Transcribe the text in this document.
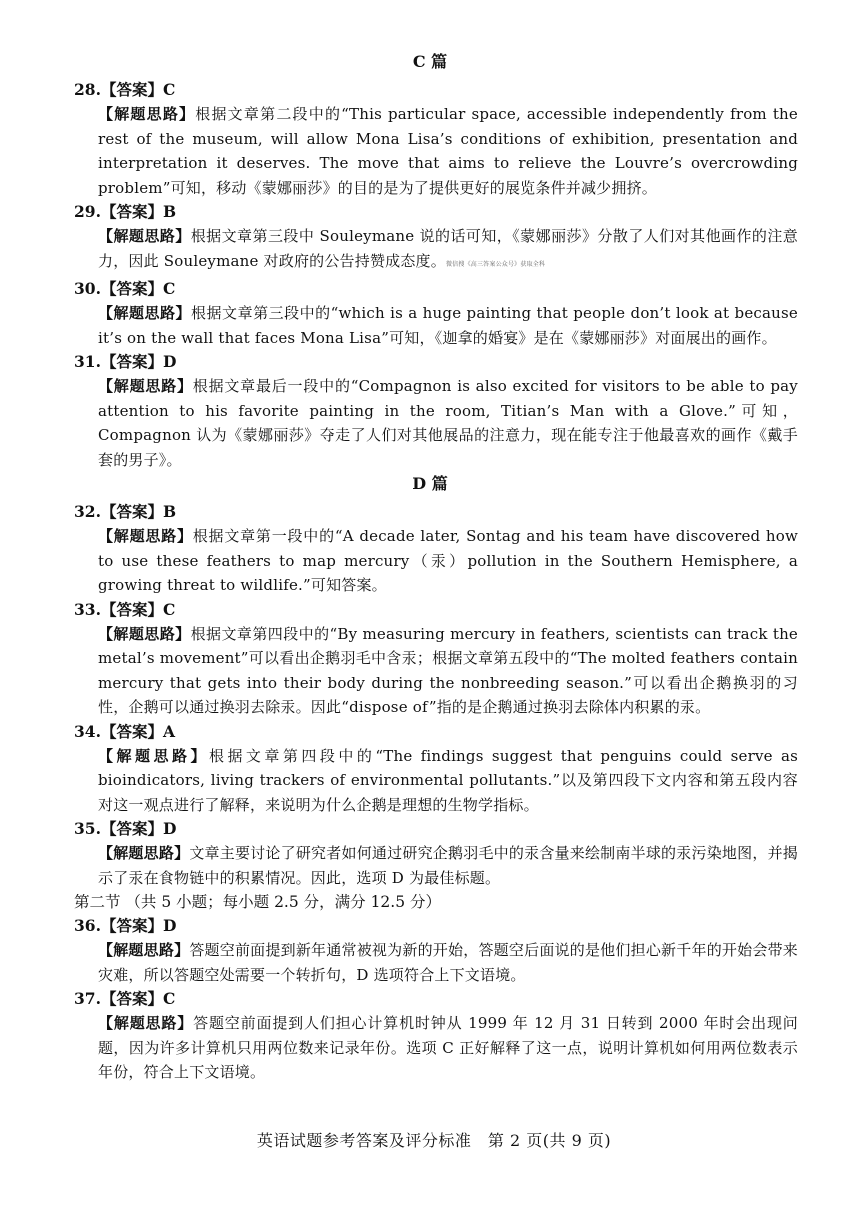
C 篇
28.【答案】C
【解题思路】根据文章第二段中的“This particular space, accessible independently from the rest of the museum, will allow Mona Lisa’s conditions of exhibition, presentation and interpretation it deserves. The move that aims to relieve the Louvre’s overcrowding problem”可知，移动《蒙娜丽莎》的目的是为了提供更好的展览条件并减少拥挤。
29.【答案】B
【解题思路】根据文章第三段中 Souleymane 说的话可知，《蒙娜丽莎》分散了人们对其他画作的注意力，因此 Souleymane 对政府的公告持赞成态度。微信搜《高三答案公众号》获取全科
30.【答案】C
【解题思路】根据文章第三段中的“which is a huge painting that people don’t look at because it’s on the wall that faces Mona Lisa”可知，《迦拿的婚宴》是在《蒙娜丽莎》对面展出的画作。
31.【答案】D
【解题思路】根据文章最后一段中的“Compagnon is also excited for visitors to be able to pay attention to his favorite painting in the room, Titian’s Man with a Glove.”可知，Compagnon 认为《蒙娜丽莎》夺走了人们对其他展品的注意力，现在能专注于他最喜欢的画作《戴手套的男子》。
D 篇
32.【答案】B
【解题思路】根据文章第一段中的“A decade later, Sontag and his team have discovered how to use these feathers to map mercury（汞）pollution in the Southern Hemisphere, a growing threat to wildlife.”可知答案。
33.【答案】C
【解题思路】根据文章第四段中的“By measuring mercury in feathers, scientists can track the metal’s movement”可以看出企鹅羽毛中含汞；根据文章第五段中的“The molted feathers contain mercury that gets into their body during the nonbreeding season.”可以看出企鹅换羽的习性，企鹅可以通过换羽去除汞。因此“dispose of”指的是企鹅通过换羽去除体内积累的汞。
34.【答案】A
【解题思路】根据文章第四段中的“The findings suggest that penguins could serve as bioindicators, living trackers of environmental pollutants.”以及第四段下文内容和第五段内容对这一观点进行了解释，来说明为什么企鹅是理想的生物学指标。
35.【答案】D
【解题思路】文章主要讨论了研究者如何通过研究企鹅羽毛中的汞含量来绘制南半球的汞污染地图，并揭示了汞在食物链中的积累情况。因此，选项 D 为最佳标题。
第二节 （共 5 小题；每小题 2.5 分，满分 12.5 分）
36.【答案】D
【解题思路】答题空前面提到新年通常被视为新的开始，答题空后面说的是他们担心新千年的开始会带来灾难，所以答题空处需要一个转折句，D 选项符合上下文语境。
37.【答案】C
【解题思路】答题空前面提到人们担心计算机时钟从 1999 年 12 月 31 日转到 2000 年时会出现问题，因为许多计算机只用两位数来记录年份。选项 C 正好解释了这一点，说明计算机如何用两位数表示年份，符合上下文语境。
英语试题参考答案及评分标准　第 2 页(共 9 页)
